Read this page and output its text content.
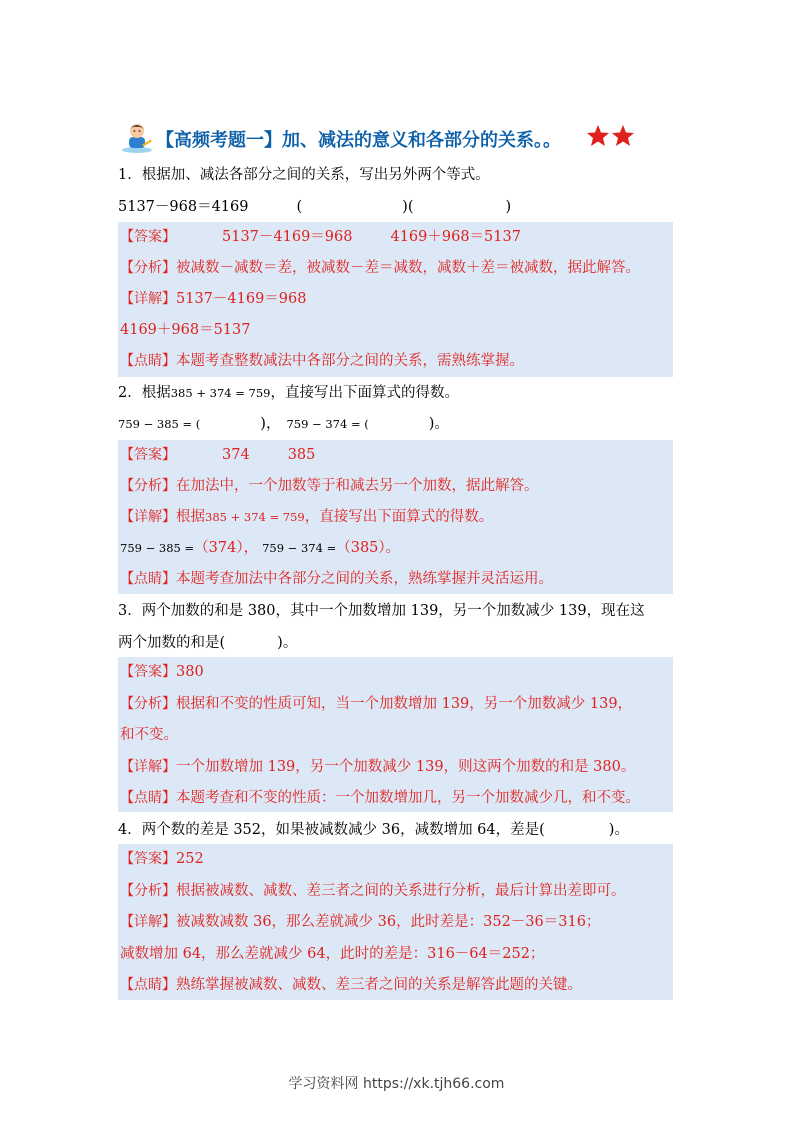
【高频考题一】加、减法的意义和各部分的关系。。
1．根据加、减法各部分之间的关系，写出另外两个等式。
5137－968＝4169	(	)(	)
【答案】	5137－4169＝968	4169＋968＝5137
【分析】被减数－减数＝差，被减数－差＝减数，减数＋差＝被减数，据此解答。
【详解】5137－4169＝968
4169＋968＝5137
【点睛】本题考查整数减法中各部分之间的关系，需熟练掌握。
2．根据385 + 374 = 759，直接写出下面算式的得数。
759 − 385 = (	)， 759 − 374 = (	)。
【答案】	374	385
【分析】在加法中，一个加数等于和减去另一个加数，据此解答。
【详解】根据385 + 374 = 759，直接写出下面算式的得数。
759 − 385 =（374）， 759 − 374 =（385）。
【点睛】本题考查加法中各部分之间的关系，熟练掌握并灵活运用。
3．两个加数的和是 380，其中一个加数增加 139，另一个加数减少 139，现在这
两个加数的和是(	)。
【答案】380
【分析】根据和不变的性质可知，当一个加数增加 139，另一个加数减少 139，
和不变。
【详解】一个加数增加 139，另一个加数减少 139，则这两个加数的和是 380。
【点睛】本题考查和不变的性质：一个加数增加几，另一个加数减少几，和不变。
4．两个数的差是 352，如果被减数减少 36，减数增加 64，差是(	)。
【答案】252
【分析】根据被减数、减数、差三者之间的关系进行分析，最后计算出差即可。
【详解】被减数减数 36，那么差就减少 36，此时差是：352－36＝316；
减数增加 64，那么差就减少 64，此时的差是：316－64＝252；
【点睛】熟练掌握被减数、减数、差三者之间的关系是解答此题的关键。
学习资料网 https://xk.tjh66.com
